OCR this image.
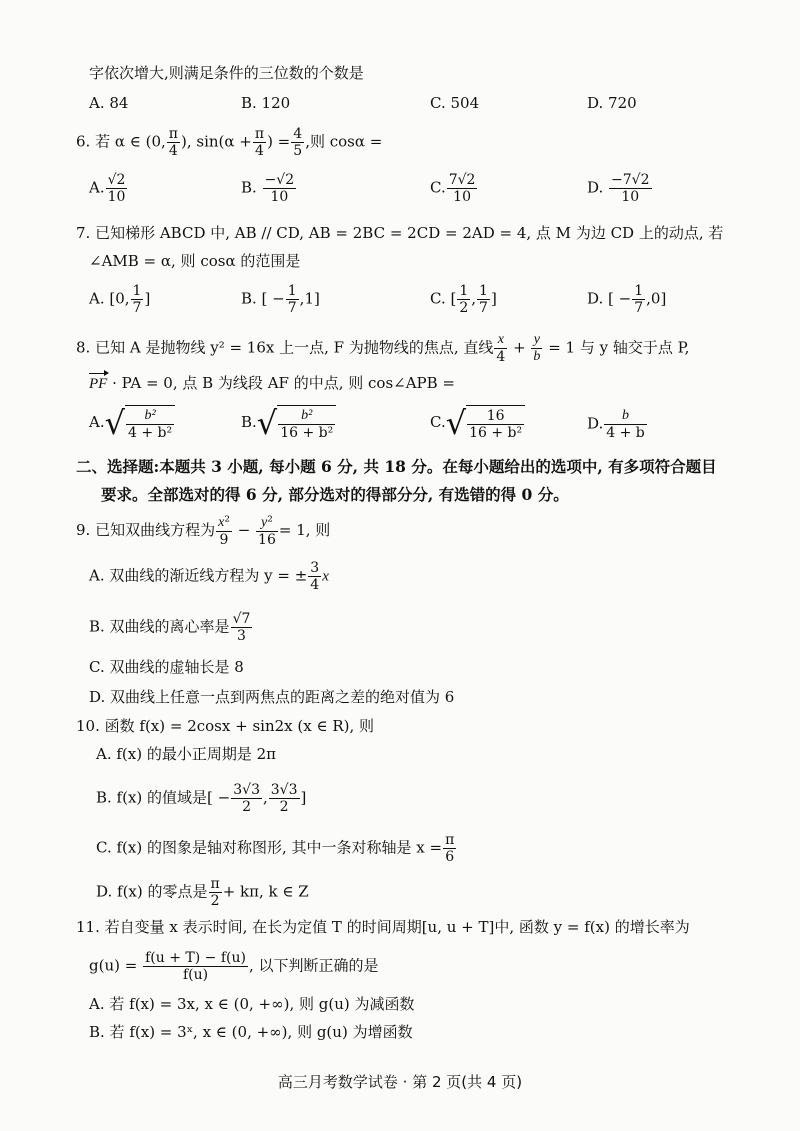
字依次增大,则满足条件的三位数的个数是
A. 84	B. 120	C. 504	D. 720
6. 若 α ∈ (0, $\frac{\pi}{4}$ ), $\sin(\alpha + \frac{\pi}{4}$ ) = $\frac{4}{5}$ ,则 cosα =
A. $\frac{√2}{10}$	B. $\frac{-√2}{10}$	C. $\frac{7√2}{10}$	D. $\frac{-7√2}{10}$
7. 已知梯形 ABCD 中, AB // CD, AB = 2BC = 2CD = 2AD = 4, 点 M 为边 CD 上的动点, 若
∠AMB = α, 则 cosα 的范围是
A. [0, $\frac{1}{7}$ ]	B. [ − $\frac{1}{7} ,1$]	C. [ $\frac{1}{2}$ , $\frac{1}{7}$ ]	D. [ − $\frac{1}{7} ,0$]
8. 已知 A 是抛物线 y² = 16x 上一点, F 为抛物线的焦点, 直线 $\frac{x}{4} + \frac{y}{b} = 1$ 与 y 轴交于点 P,
PF · PA = 0, 点 B 为线段 AF 的中点, 则 cos∠APB =
$A.√ \frac{\text{b²}}{\text{4 + b²}}$	$B.√ \frac{\text{b²}}{\text{16 + b²}}$	$C.√ \frac{16}{\text{16 + b²}}$	D. $\frac{b}{4 + b}$
二、选择题:本题共 3 小题, 每小题 6 分, 共 18 分。在每小题给出的选项中, 有多项符合题目
要求。全部选对的得 6 分, 部分选对的得部分分, 有选错的得 0 分。
9. 已知双曲线方程为 $\frac{\text{x²}}{9} - \frac{\text{y²}}{16} = 1$, 则
A. 双曲线的渐近线方程为 y = ± $\frac{3}{4}$ x
B. 双曲线的离心率是 $\frac{√7}{3}$
C. 双曲线的虚轴长是 8
D. 双曲线上任意一点到两焦点的距离之差的绝对值为 6
10. 函数 f(x) = 2cosx + sin2x (x ∈ R), 则
A. f(x) 的最小正周期是 2π
B. f(x) 的值域是[ − $\frac{3√3}{2}$ , $\frac{3√3}{2}$ ]
C. f(x) 的图象是轴对称图形, 其中一条对称轴是 $x = \frac{\pi}{6}$
D. f(x) 的零点是 $\frac{\pi}{2} + k\pi$, k ∈ Z
11. 若自变量 x 表示时间, 在长为定值 T 的时间周期[u, u + T]中, 函数 y = f(x) 的增长率为
$g(u) = \frac{f(u + T) - f(u)}{f(u)}$ , 以下判断正确的是
A. 若 f(x) = 3x, x ∈ (0, +∞), 则 g(u) 为减函数
B. 若 f(x) = 3ˣ, x ∈ (0, +∞), 则 g(u) 为增函数
高三月考数学试卷 · 第 2 页(共 4 页)
